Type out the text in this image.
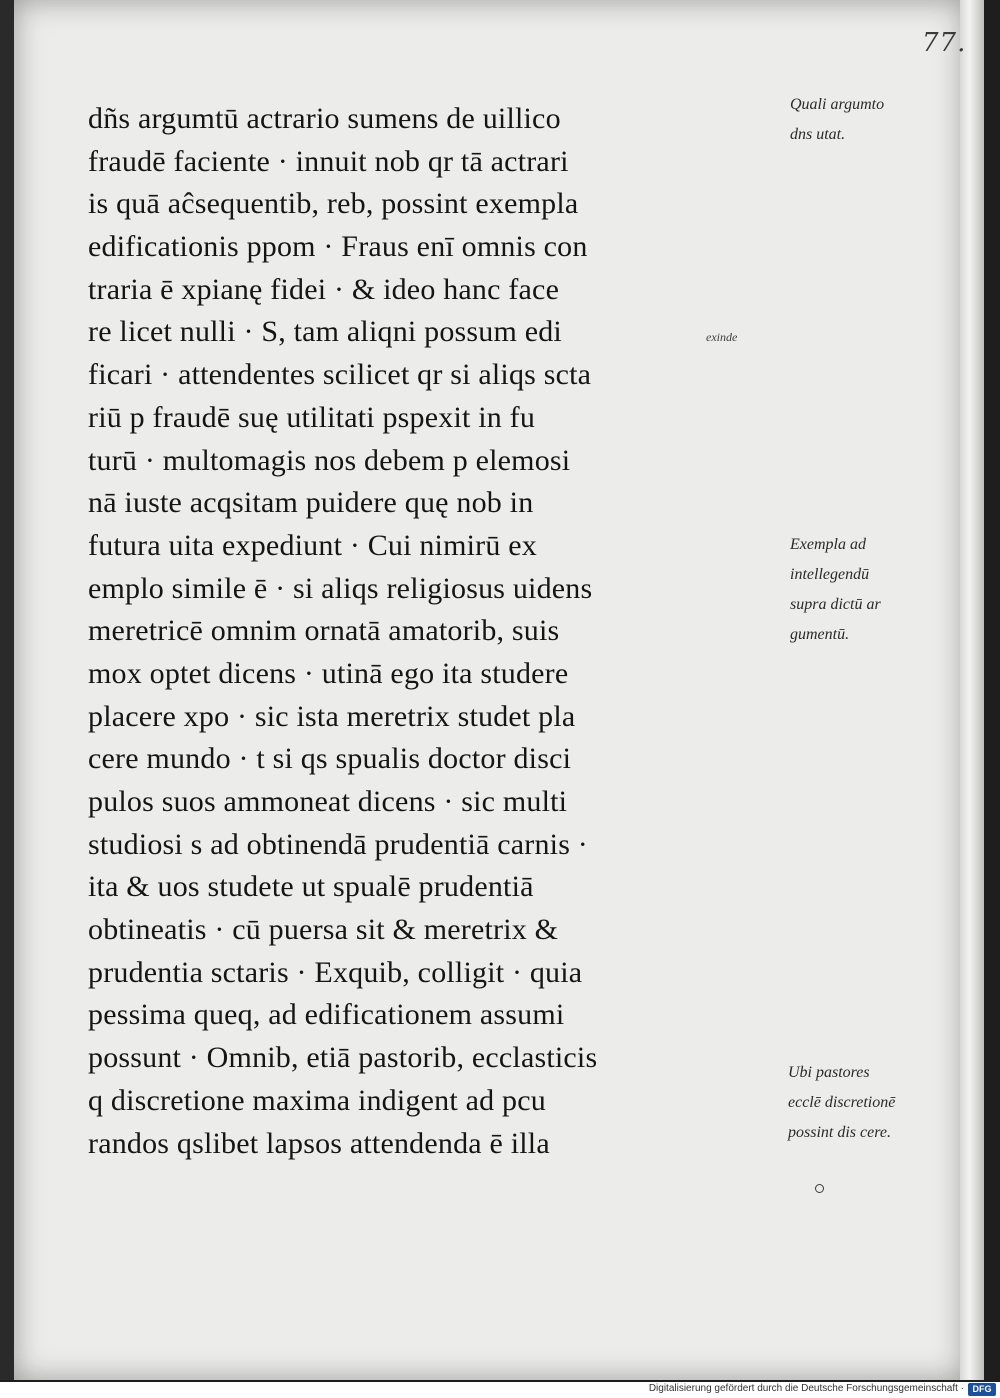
77.
dñs argumtū actrario sumens de uillico
fraudē faciente · innuit nob qr tā actrari
is quā aĉsequentib, reb, possint exempla
edificationis ppom · Fraus enī omnis con
traria ē xpianę fidei · & ideo hanc face
re licet nulli · S, tam aliqni possum edi
ficari · attendentes scilicet qr si aliqs scta
riū p fraudē suę utilitati pspexit in fu
turū · multomagis nos debem p elemosi
nā iuste acqsitam puidere quę nob in
futura uita expediunt · Cui nimirū ex
emplo simile ē · si aliqs religiosus uidens
meretricē omnim ornatā amatorib, suis
mox optet dicens · utinā ego ita studere
placere xpo · sic ista meretrix studet pla
cere mundo · t si qs spualis doctor disci
pulos suos ammoneat dicens · sic multi
studiosi s ad obtinendā prudentiā carnis ·
ita & uos studete ut spualē prudentiā
obtineatis · cū puersa sit & meretrix &
prudentia sctaris · Exquib, colligit · quia
pessima queq, ad edificationem assumi
possunt · Omnib, etiā pastorib, ecclasticis
q discretione maxima indigent ad pcu
randos qslibet lapsos attendenda ē illa
exinde
Quali argumto
dns utat.
Exempla ad
intellegendū
supra dictū ar
gumentū.
Ubi pastores
ecclē discretionē
possint dis cere.
Digitalisierung gefördert durch die Deutsche Forschungsgemeinschaft · DFG
